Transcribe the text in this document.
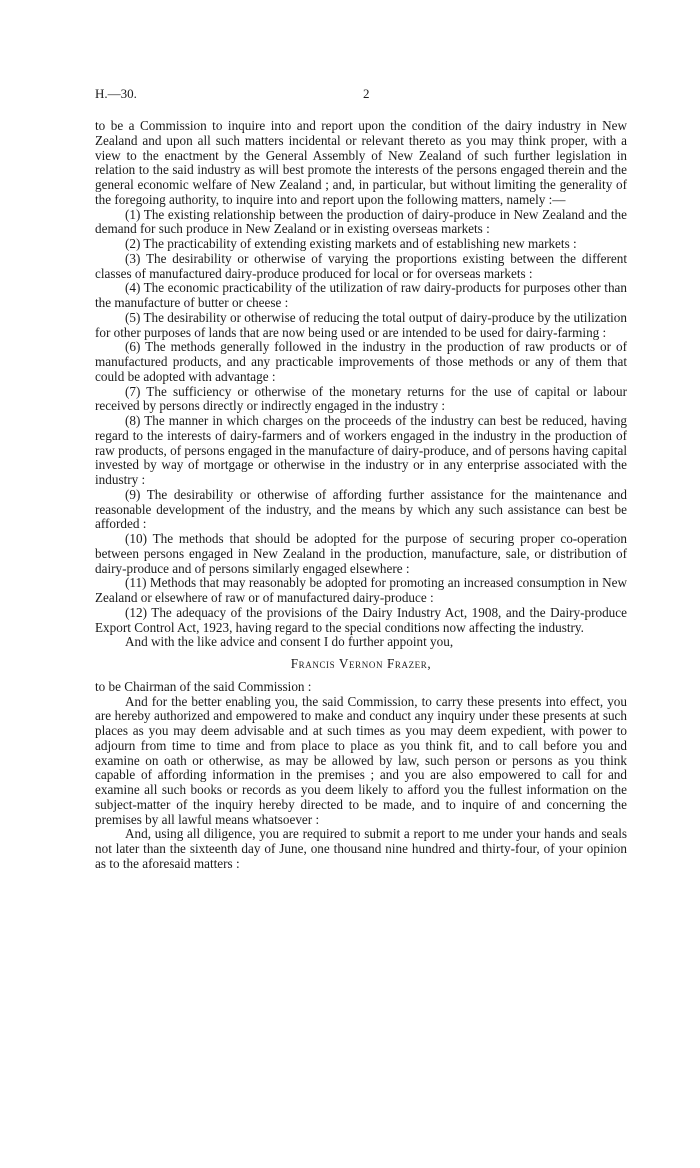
H.—30.	2

to be a Commission to inquire into and report upon the condition of the dairy industry in New Zealand and upon all such matters incidental or relevant thereto as you may think proper, with a view to the enactment by the General Assembly of New Zealand of such further legislation in relation to the said industry as will best promote the interests of the persons engaged therein and the general economic welfare of New Zealand ; and, in particular, but without limiting the generality of the foregoing authority, to inquire into and report upon the following matters, namely :—

(1) The existing relationship between the production of dairy-produce in New Zealand and the demand for such produce in New Zealand or in existing overseas markets :

(2) The practicability of extending existing markets and of establishing new markets :

(3) The desirability or otherwise of varying the proportions existing between the different classes of manufactured dairy-produce produced for local or for overseas markets :

(4) The economic practicability of the utilization of raw dairy-products for purposes other than the manufacture of butter or cheese :

(5) The desirability or otherwise of reducing the total output of dairy-produce by the utilization for other purposes of lands that are now being used or are intended to be used for dairy-farming :

(6) The methods generally followed in the industry in the production of raw products or of manufactured products, and any practicable improvements of those methods or any of them that could be adopted with advantage :

(7) The sufficiency or otherwise of the monetary returns for the use of capital or labour received by persons directly or indirectly engaged in the industry :

(8) The manner in which charges on the proceeds of the industry can best be reduced, having regard to the interests of dairy-farmers and of workers engaged in the industry in the production of raw products, of persons engaged in the manufacture of dairy-produce, and of persons having capital invested by way of mortgage or otherwise in the industry or in any enterprise associated with the industry :

(9) The desirability or otherwise of affording further assistance for the maintenance and reasonable development of the industry, and the means by which any such assistance can best be afforded :

(10) The methods that should be adopted for the purpose of securing proper co-operation between persons engaged in New Zealand in the production, manufacture, sale, or distribution of dairy-produce and of persons similarly engaged elsewhere :

(11) Methods that may reasonably be adopted for promoting an increased consumption in New Zealand or elsewhere of raw or of manufactured dairy-produce :

(12) The adequacy of the provisions of the Dairy Industry Act, 1908, and the Dairy-produce Export Control Act, 1923, having regard to the special conditions now affecting the industry.

And with the like advice and consent I do further appoint you,

Francis Vernon Frazer,

to be Chairman of the said Commission :

And for the better enabling you, the said Commission, to carry these presents into effect, you are hereby authorized and empowered to make and conduct any inquiry under these presents at such places as you may deem advisable and at such times as you may deem expedient, with power to adjourn from time to time and from place to place as you think fit, and to call before you and examine on oath or otherwise, as may be allowed by law, such person or persons as you think capable of affording information in the premises ; and you are also empowered to call for and examine all such books or records as you deem likely to afford you the fullest information on the subject-matter of the inquiry hereby directed to be made, and to inquire of and concerning the premises by all lawful means whatsoever :

And, using all diligence, you are required to submit a report to me under your hands and seals not later than the sixteenth day of June, one thousand nine hundred and thirty-four, of your opinion as to the aforesaid matters :
